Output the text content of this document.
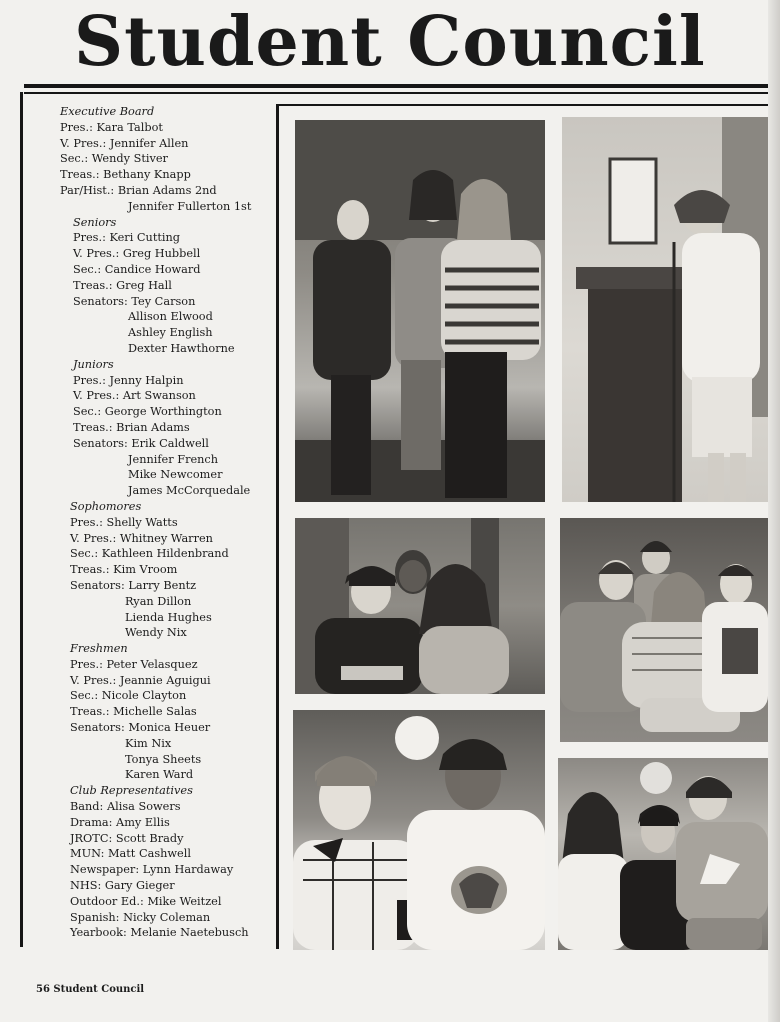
Student Council
Executive Board
Pres.: Kara Talbot
V. Pres.: Jennifer Allen
Sec.: Wendy Stiver
Treas.: Bethany Knapp
Par/Hist.: Brian Adams 2nd
Jennifer Fullerton 1st
Seniors
Pres.: Keri Cutting
V. Pres.: Greg Hubbell
Sec.: Candice Howard
Treas.: Greg Hall
Senators: Tey Carson
Allison Elwood
Ashley English
Dexter Hawthorne
Juniors
Pres.: Jenny Halpin
V. Pres.: Art Swanson
Sec.: George Worthington
Treas.: Brian Adams
Senators: Erik Caldwell
Jennifer French
Mike Newcomer
James McCorquedale
Sophomores
Pres.: Shelly Watts
V. Pres.: Whitney Warren
Sec.: Kathleen Hildenbrand
Treas.: Kim Vroom
Senators: Larry Bentz
Ryan Dillon
Lienda Hughes
Wendy Nix
Freshmen
Pres.: Peter Velasquez
V. Pres.: Jeannie Aguigui
Sec.: Nicole Clayton
Treas.: Michelle Salas
Senators: Monica Heuer
Kim Nix
Tonya Sheets
Karen Ward
Club Representatives
Band: Alisa Sowers
Drama: Amy Ellis
JROTC: Scott Brady
MUN: Matt Cashwell
Newspaper: Lynn Hardaway
NHS: Gary Gieger
Outdoor Ed.: Mike Weitzel
Spanish: Nicky Coleman
Yearbook: Melanie Naetebusch
56 Student Council
